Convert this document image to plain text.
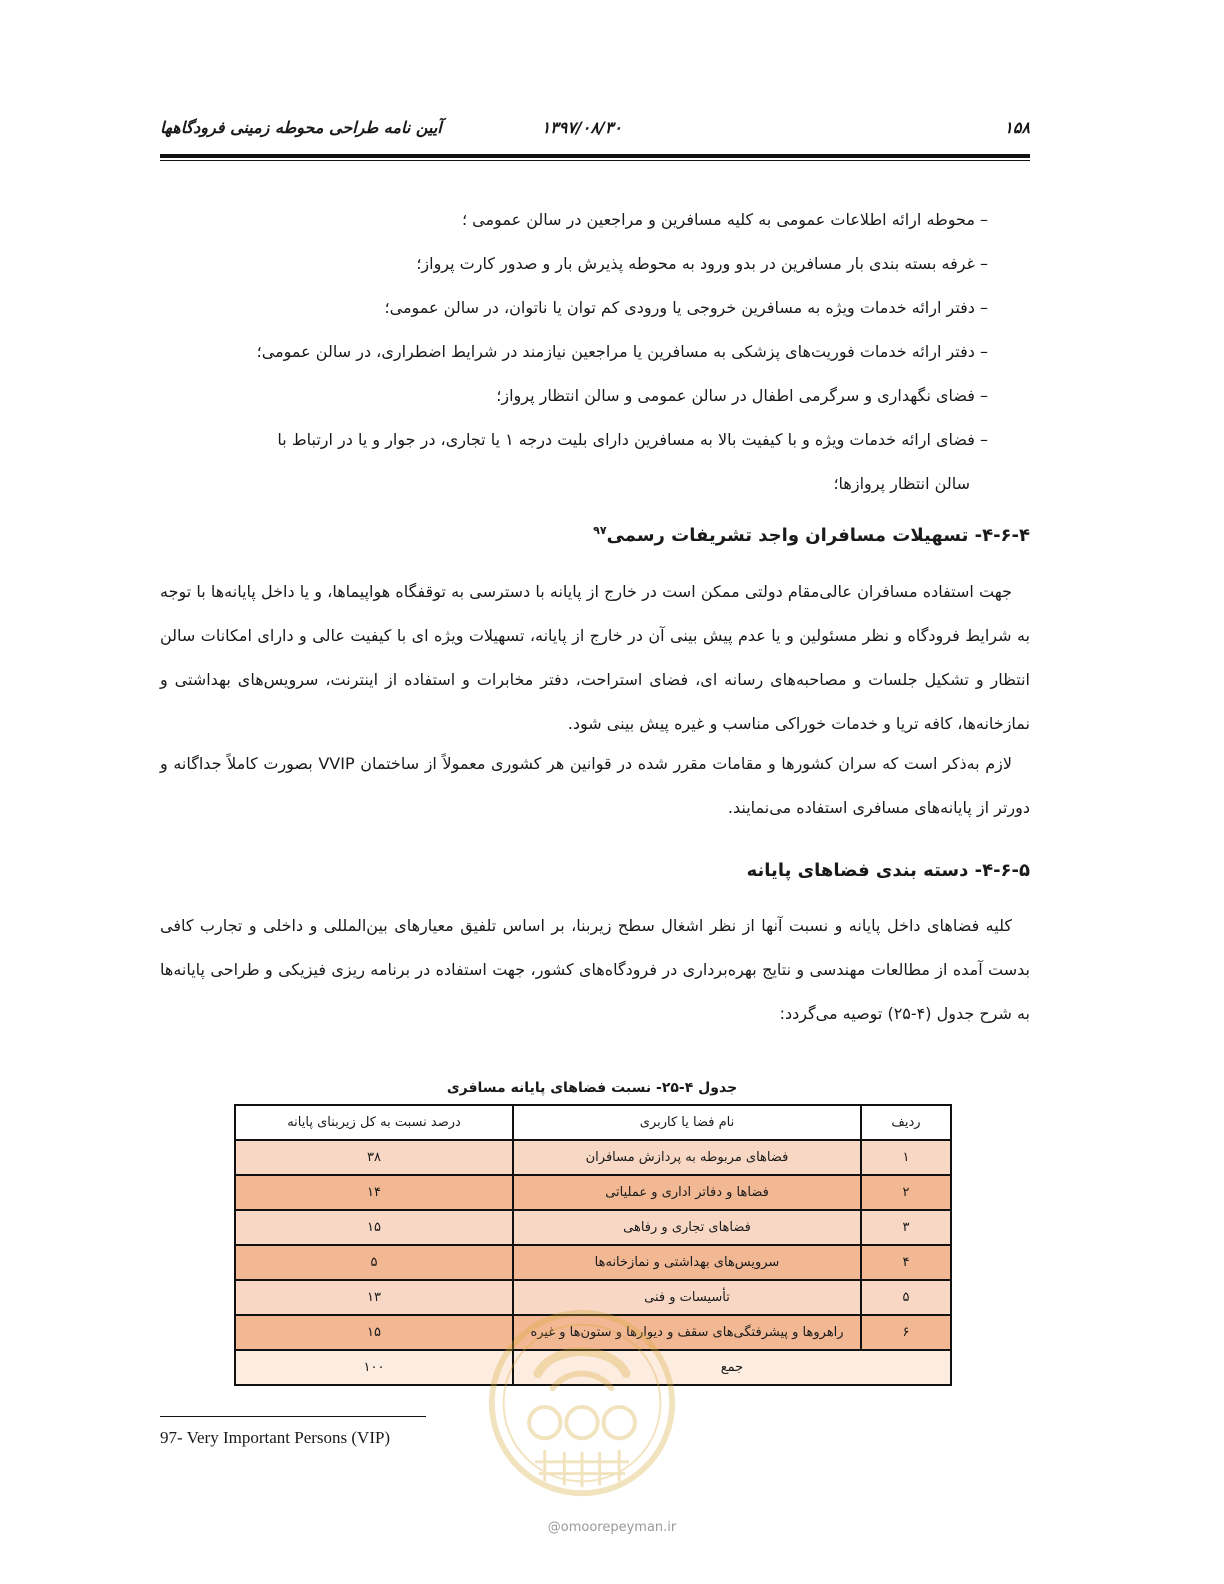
۱۵۸
۱۳۹۷/۰۸/۳۰
آیین نامه طراحی محوطه زمینی فرودگاهها
– محوطه ارائه اطلاعات عمومی به کلیه مسافرین و مراجعین در سالن عمومی ؛
– غرفه بسته بندی بار مسافرین در بدو ورود به محوطه پذیرش بار و صدور کارت پرواز؛
– دفتر ارائه خدمات ویژه به مسافرین خروجی یا ورودی کم توان یا ناتوان، در سالن عمومی؛
– دفتر ارائه خدمات فوریت‌های پزشکی به مسافرین یا مراجعین نیازمند در شرایط اضطراری، در سالن عمومی؛
– فضای نگهداری و سرگرمی اطفال در سالن عمومی و سالن انتظار پرواز؛
– فضای ارائه خدمات ویژه و با کیفیت بالا به مسافرین دارای بلیت درجه ۱ یا تجاری، در جوار و یا در ارتباط با
سالن انتظار پروازها؛
۴-۶-۴- تسهیلات مسافران واجد تشریفات رسمی$^{۹۷}$
جهت استفاده مسافران عالی‌مقام دولتی ممکن است در خارج از پایانه با دسترسی به توقفگاه هواپیماها، و یا داخل پایانه‌ها با توجه به شرایط فرودگاه و نظر مسئولین و یا عدم پیش بینی آن در خارج از پایانه، تسهیلات ویژه ای با کیفیت عالی و دارای امکانات سالن انتظار و تشکیل جلسات و مصاحبه‌های رسانه ای، فضای استراحت، دفتر مخابرات و استفاده از اینترنت، سرویس‌های بهداشتی و نمازخانه‌ها، کافه تریا و خدمات خوراکی مناسب و غیره پیش بینی شود.
لازم به‌ذکر است که سران کشورها و مقامات مقرر شده در قوانین هر کشوری معمولاً از ساختمان VVIP بصورت کاملاً جداگانه و دورتر از پایانه‌های مسافری استفاده می‌نمایند.
۴-۶-۵- دسته بندی فضاهای پایانه
کلیه فضاهای داخل پایانه و نسبت آنها از نظر اشغال سطح زیربنا، بر اساس تلفیق معیارهای بین‌المللی و داخلی و تجارب کافی بدست آمده از مطالعات مهندسی و نتایج بهره‌برداری در فرودگاه‌های کشور، جهت استفاده در برنامه ریزی فیزیکی و طراحی پایانه‌ها به شرح جدول (۴-۲۵) توصیه می‌گردد:
جدول ۴-۲۵- نسبت فضاهای پایانه مسافری
ردیف	نام فضا یا کاربری	درصد نسبت به کل زیربنای پایانه
۱	فضاهای مربوطه به پردازش مسافران	۳۸
۲	فضاها و دفاتر اداری و عملیاتی	۱۴
۳	فضاهای تجاری و رفاهی	۱۵
۴	سرویس‌های بهداشتی و نمازخانه‌ها	۵
۵	تأسیسات و فنی	۱۳
۶	راهروها و پیشرفتگی‌های سقف و دیوارها و ستون‌ها و غیره	۱۵
جمع		۱۰۰
97- Very Important Persons (VIP)
@omoorepeyman.ir
